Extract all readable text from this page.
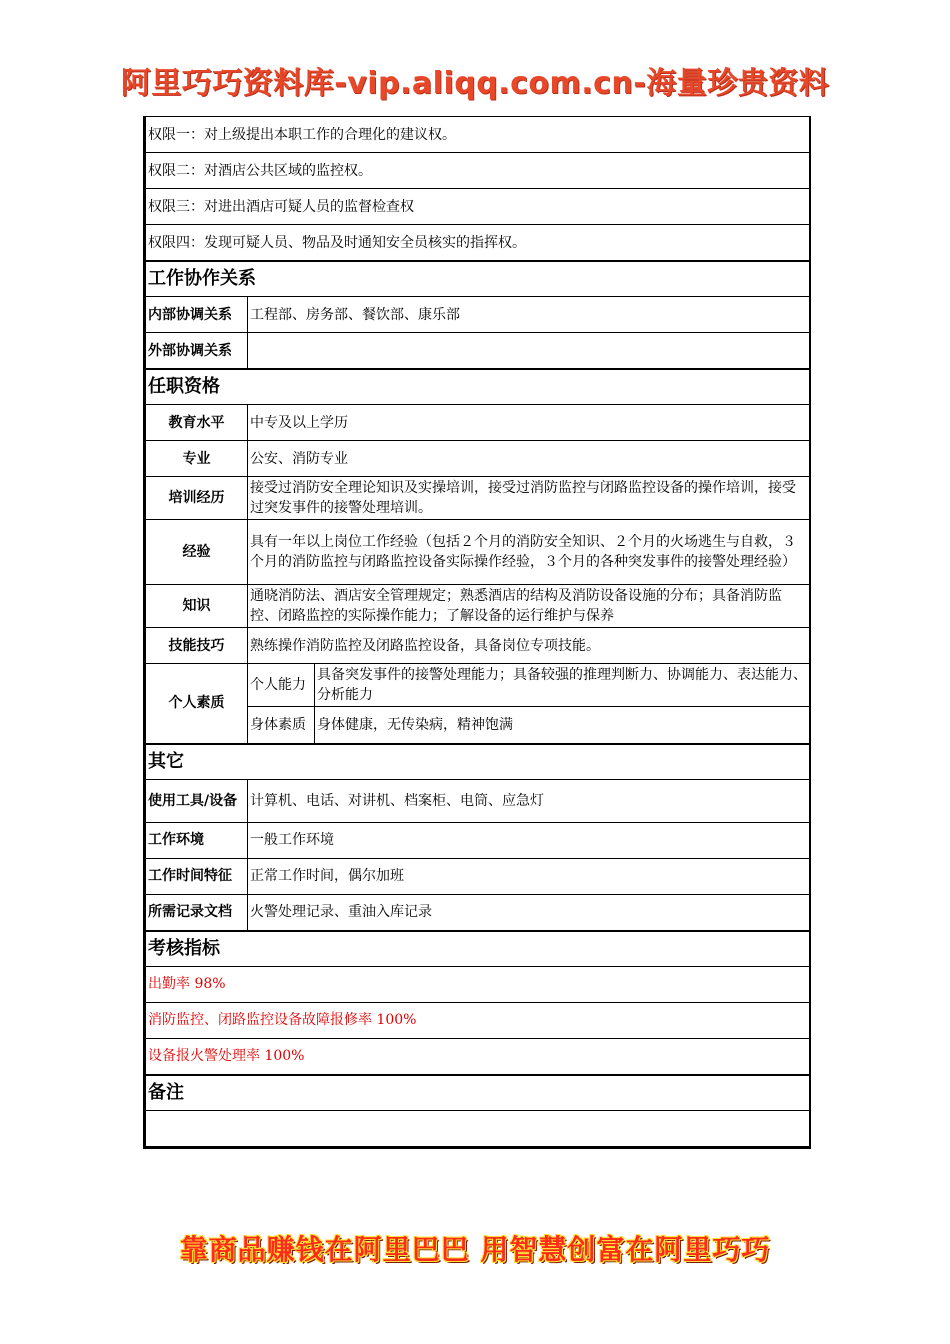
阿里巧巧资料库-vip.aliqq.com.cn-海量珍贵资料
权限一：对上级提出本职工作的合理化的建议权。		
权限二：对酒店公共区域的监控权。		
权限三：对进出酒店可疑人员的监督检查权		
权限四：发现可疑人员、物品及时通知安全员核实的指挥权。		
工作协作关系		
内部协调关系	工程部、房务部、餐饮部、康乐部	
外部协调关系		
任职资格		
教育水平	中专及以上学历	
专业	公安、消防专业	
培训经历	接受过消防安全理论知识及实操培训，接受过消防监控与闭路监控设备的操作培训，接受过突发事件的接警处理培训。	
经验	具有一年以上岗位工作经验（包括２个月的消防安全知识、２个月的火场逃生与自救，３个月的消防监控与闭路监控设备实际操作经验，３个月的各种突发事件的接警处理经验）	
知识	通晓消防法、酒店安全管理规定；熟悉酒店的结构及消防设备设施的分布；具备消防监控、闭路监控的实际操作能力；了解设备的运行维护与保养	
技能技巧	熟练操作消防监控及闭路监控设备，具备岗位专项技能。	
个人素质	个人能力	具备突发事件的接警处理能力；具备较强的推理判断力、协调能力、表达能力、分析能力
	身体素质	身体健康，无传染病，精神饱满
其它		
使用工具/设备	计算机、电话、对讲机、档案柜、电筒、应急灯	
工作环境	一般工作环境	
工作时间特征	正常工作时间，偶尔加班	
所需记录文档	火警处理记录、重油入库记录	
考核指标		
出勤率 98%		
消防监控、闭路监控设备故障报修率 100%		
设备报火警处理率 100%		
备注		

靠商品赚钱在阿里巴巴 用智慧创富在阿里巧巧
